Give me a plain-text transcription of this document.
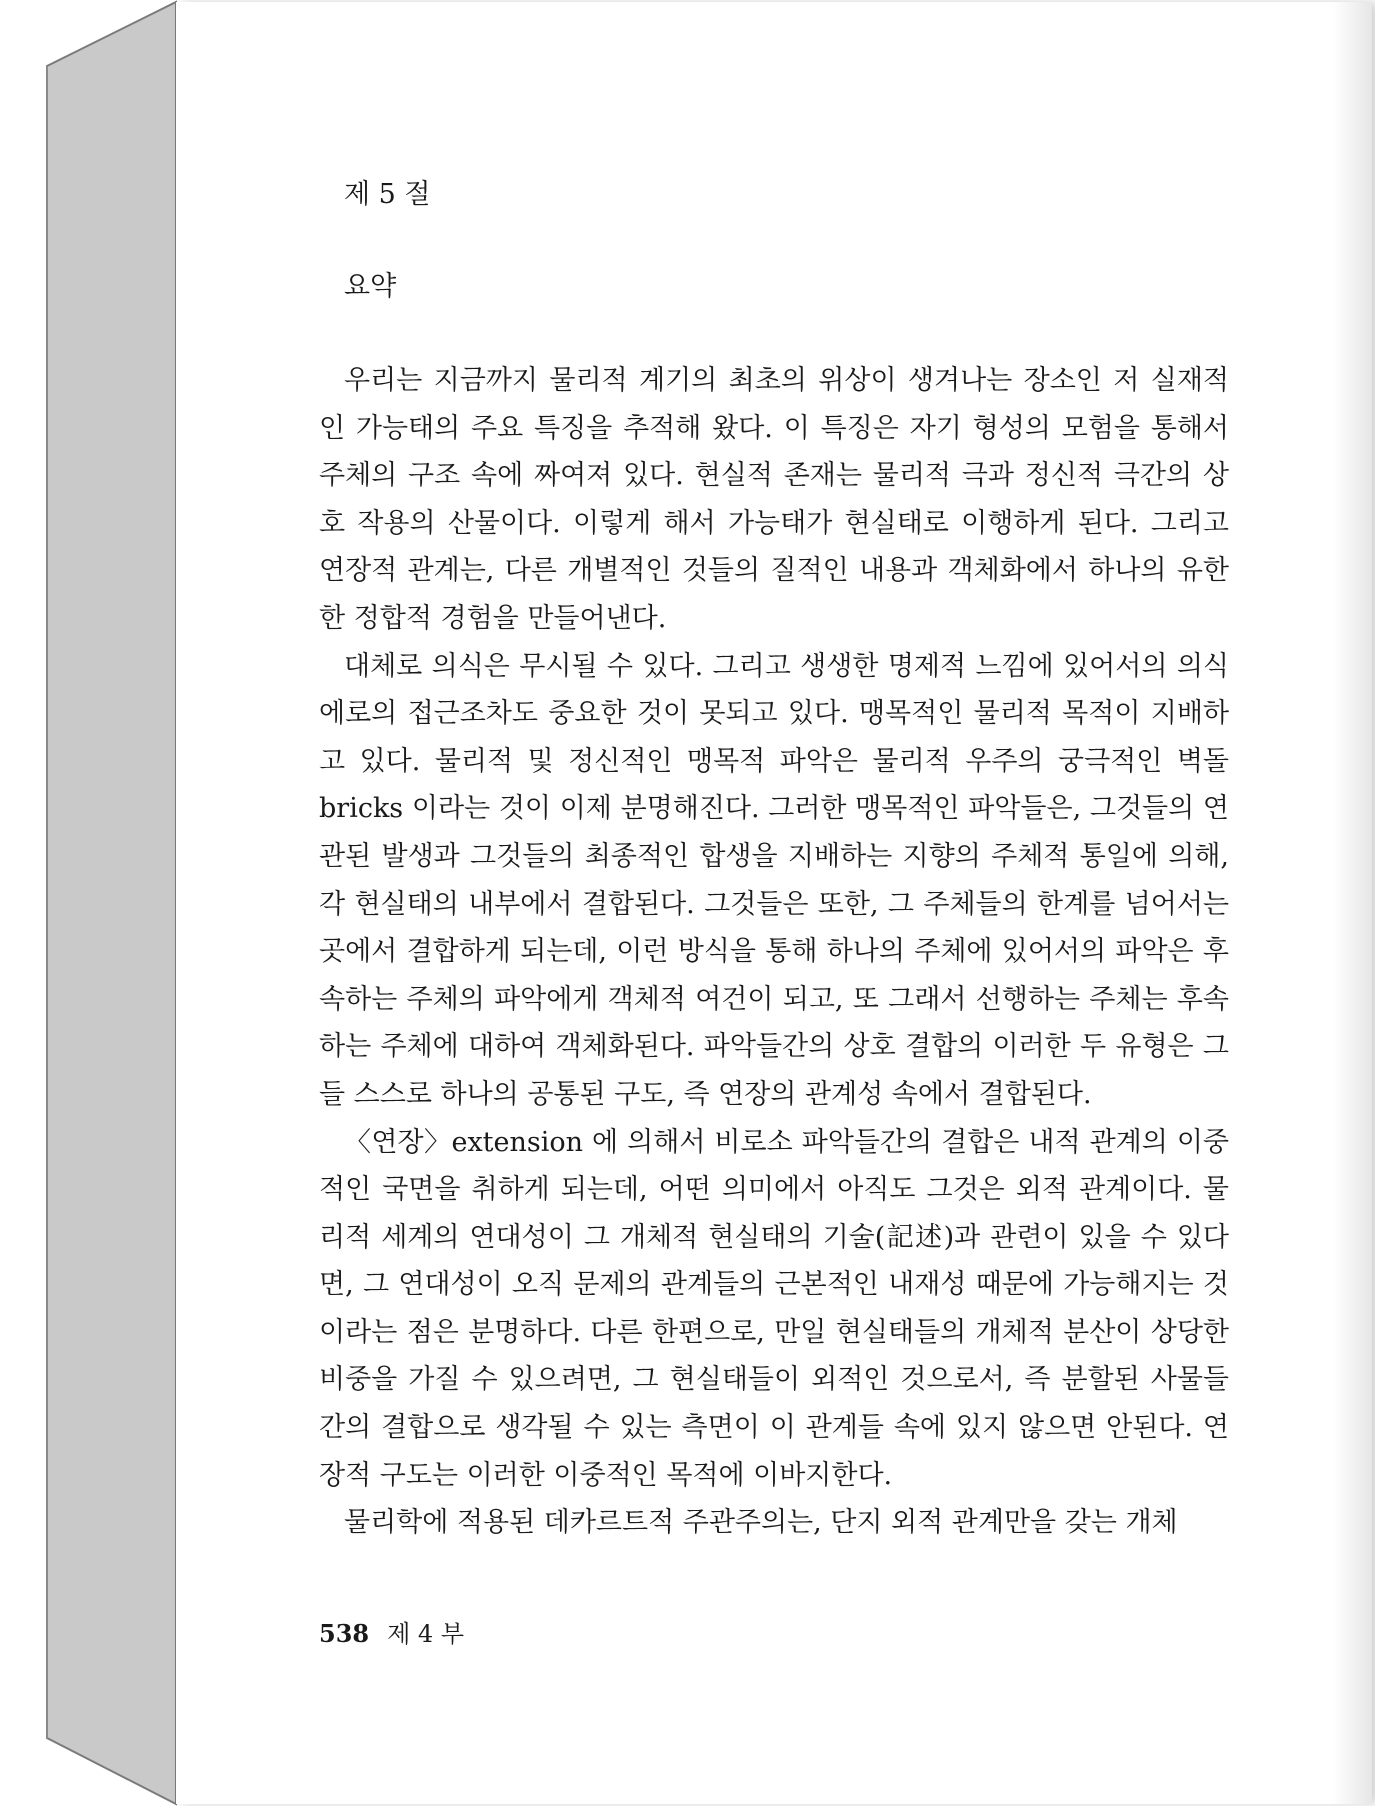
제 5 절
요약

우리는 지금까지 물리적 계기의 최초의 위상이 생겨나는 장소인 저 실재적인 가능태의 주요 특징을 추적해 왔다. 이 특징은 자기 형성의 모험을 통해서 주체의 구조 속에 짜여져 있다. 현실적 존재는 물리적 극과 정신적 극간의 상호 작용의 산물이다. 이렇게 해서 가능태가 현실태로 이행하게 된다. 그리고 연장적 관계는, 다른 개별적인 것들의 질적인 내용과 객체화에서 하나의 유한한 정합적 경험을 만들어낸다.

대체로 의식은 무시될 수 있다. 그리고 생생한 명제적 느낌에 있어서의 의식에로의 접근조차도 중요한 것이 못되고 있다. 맹목적인 물리적 목적이 지배하고 있다. 물리적 및 정신적인 맹목적 파악은 물리적 우주의 궁극적인 벽돌 bricks 이라는 것이 이제 분명해진다. 그러한 맹목적인 파악들은, 그것들의 연관된 발생과 그것들의 최종적인 합생을 지배하는 지향의 주체적 통일에 의해, 각 현실태의 내부에서 결합된다. 그것들은 또한, 그 주체들의 한계를 넘어서는 곳에서 결합하게 되는데, 이런 방식을 통해 하나의 주체에 있어서의 파악은 후속하는 주체의 파악에게 객체적 여건이 되고, 또 그래서 선행하는 주체는 후속하는 주체에 대하여 객체화된다. 파악들간의 상호 결합의 이러한 두 유형은 그들 스스로 하나의 공통된 구도, 즉 연장의 관계성 속에서 결합된다.

〈연장〉extension 에 의해서 비로소 파악들간의 결합은 내적 관계의 이중적인 국면을 취하게 되는데, 어떤 의미에서 아직도 그것은 외적 관계이다. 물리적 세계의 연대성이 그 개체적 현실태의 기술(記述)과 관련이 있을 수 있다면, 그 연대성이 오직 문제의 관계들의 근본적인 내재성 때문에 가능해지는 것이라는 점은 분명하다. 다른 한편으로, 만일 현실태들의 개체적 분산이 상당한 비중을 가질 수 있으려면, 그 현실태들이 외적인 것으로서, 즉 분할된 사물들간의 결합으로 생각될 수 있는 측면이 이 관계들 속에 있지 않으면 안된다. 연장적 구도는 이러한 이중적인 목적에 이바지한다.

물리학에 적용된 데카르트적 주관주의는, 단지 외적 관계만을 갖는 개체

538 제 4 부
